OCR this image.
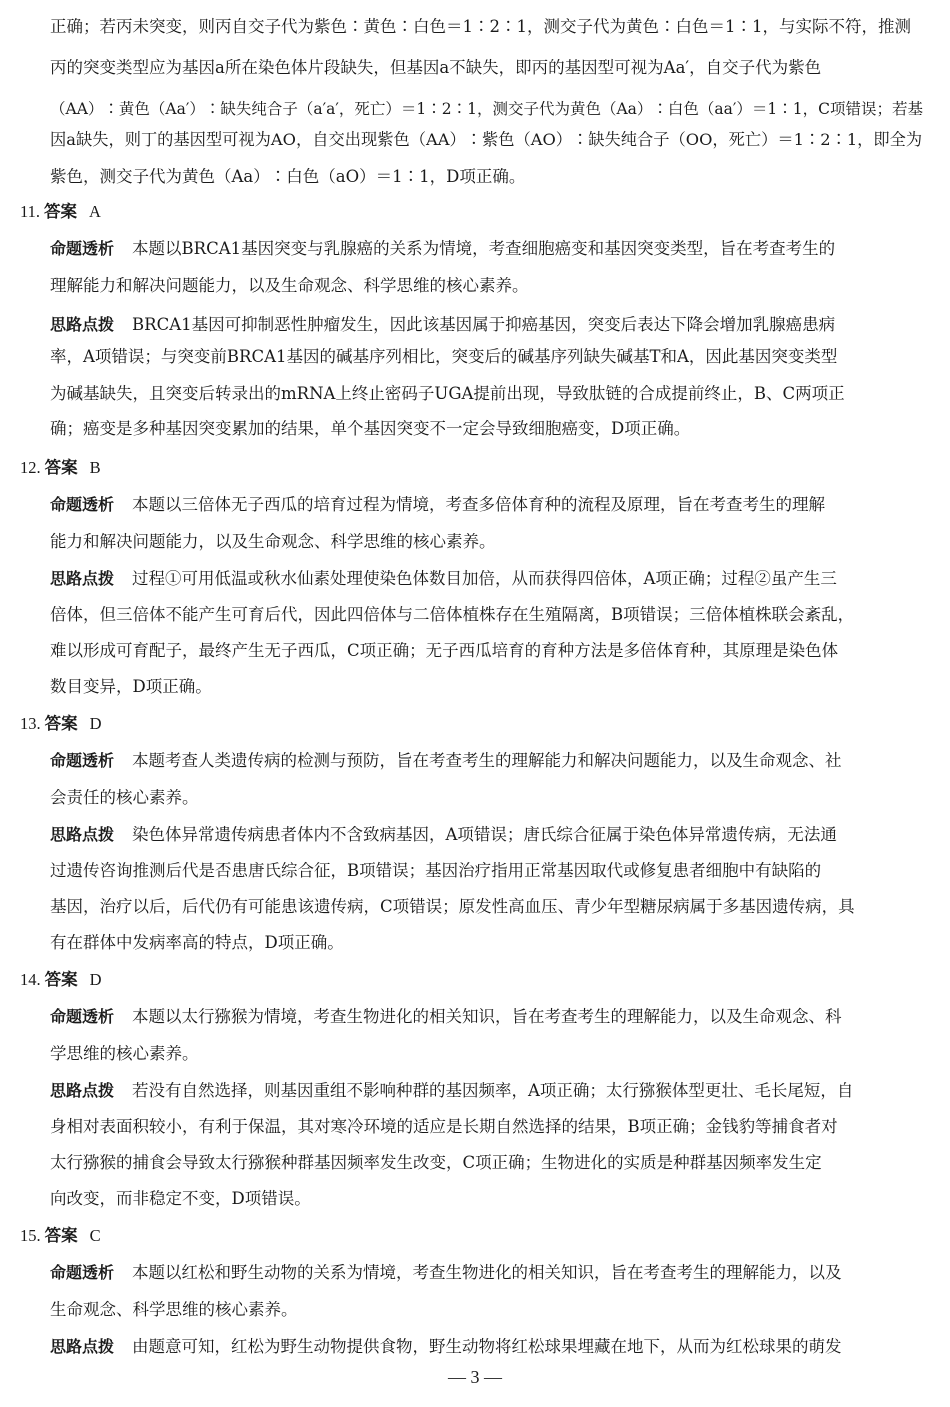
正确；若丙未突变，则丙自交子代为紫色∶黄色∶白色＝1∶2∶1，测交子代为黄色∶白色＝1∶1，与实际不符，推测
丙的突变类型应为基因a所在染色体片段缺失，但基因a不缺失，即丙的基因型可视为Aa′，自交子代为紫色
（AA）∶黄色（Aa′）∶缺失纯合子（a′a′，死亡）＝1∶2∶1，测交子代为黄色（Aa）∶白色（aa′）＝1∶1，C项错误；若基
因a缺失，则丁的基因型可视为AO，自交出现紫色（AA）∶紫色（AO）∶缺失纯合子（OO，死亡）＝1∶2∶1，即全为
紫色，测交子代为黄色（Aa）∶白色（aO）＝1∶1，D项正确。
11. 答案 A
命题透析 本题以BRCA1基因突变与乳腺癌的关系为情境，考查细胞癌变和基因突变类型，旨在考查考生的
理解能力和解决问题能力，以及生命观念、科学思维的核心素养。
思路点拨 BRCA1基因可抑制恶性肿瘤发生，因此该基因属于抑癌基因，突变后表达下降会增加乳腺癌患病
率，A项错误；与突变前BRCA1基因的碱基序列相比，突变后的碱基序列缺失碱基T和A，因此基因突变类型
为碱基缺失，且突变后转录出的mRNA上终止密码子UGA提前出现，导致肽链的合成提前终止，B、C两项正
确；癌变是多种基因突变累加的结果，单个基因突变不一定会导致细胞癌变，D项正确。
12. 答案 B
命题透析 本题以三倍体无子西瓜的培育过程为情境，考查多倍体育种的流程及原理，旨在考查考生的理解
能力和解决问题能力，以及生命观念、科学思维的核心素养。
思路点拨 过程①可用低温或秋水仙素处理使染色体数目加倍，从而获得四倍体，A项正确；过程②虽产生三
倍体，但三倍体不能产生可育后代，因此四倍体与二倍体植株存在生殖隔离，B项错误；三倍体植株联会紊乱，
难以形成可育配子，最终产生无子西瓜，C项正确；无子西瓜培育的育种方法是多倍体育种，其原理是染色体
数目变异，D项正确。
13. 答案 D
命题透析 本题考查人类遗传病的检测与预防，旨在考查考生的理解能力和解决问题能力，以及生命观念、社
会责任的核心素养。
思路点拨 染色体异常遗传病患者体内不含致病基因，A项错误；唐氏综合征属于染色体异常遗传病，无法通
过遗传咨询推测后代是否患唐氏综合征，B项错误；基因治疗指用正常基因取代或修复患者细胞中有缺陷的
基因，治疗以后，后代仍有可能患该遗传病，C项错误；原发性高血压、青少年型糖尿病属于多基因遗传病，具
有在群体中发病率高的特点，D项正确。
14. 答案 D
命题透析 本题以太行猕猴为情境，考查生物进化的相关知识，旨在考查考生的理解能力，以及生命观念、科
学思维的核心素养。
思路点拨 若没有自然选择，则基因重组不影响种群的基因频率，A项正确；太行猕猴体型更壮、毛长尾短，自
身相对表面积较小，有利于保温，其对寒冷环境的适应是长期自然选择的结果，B项正确；金钱豹等捕食者对
太行猕猴的捕食会导致太行猕猴种群基因频率发生改变，C项正确；生物进化的实质是种群基因频率发生定
向改变，而非稳定不变，D项错误。
15. 答案 C
命题透析 本题以红松和野生动物的关系为情境，考查生物进化的相关知识，旨在考查考生的理解能力，以及
生命观念、科学思维的核心素养。
思路点拨 由题意可知，红松为野生动物提供食物，野生动物将红松球果埋藏在地下，从而为红松球果的萌发
— 3 —
